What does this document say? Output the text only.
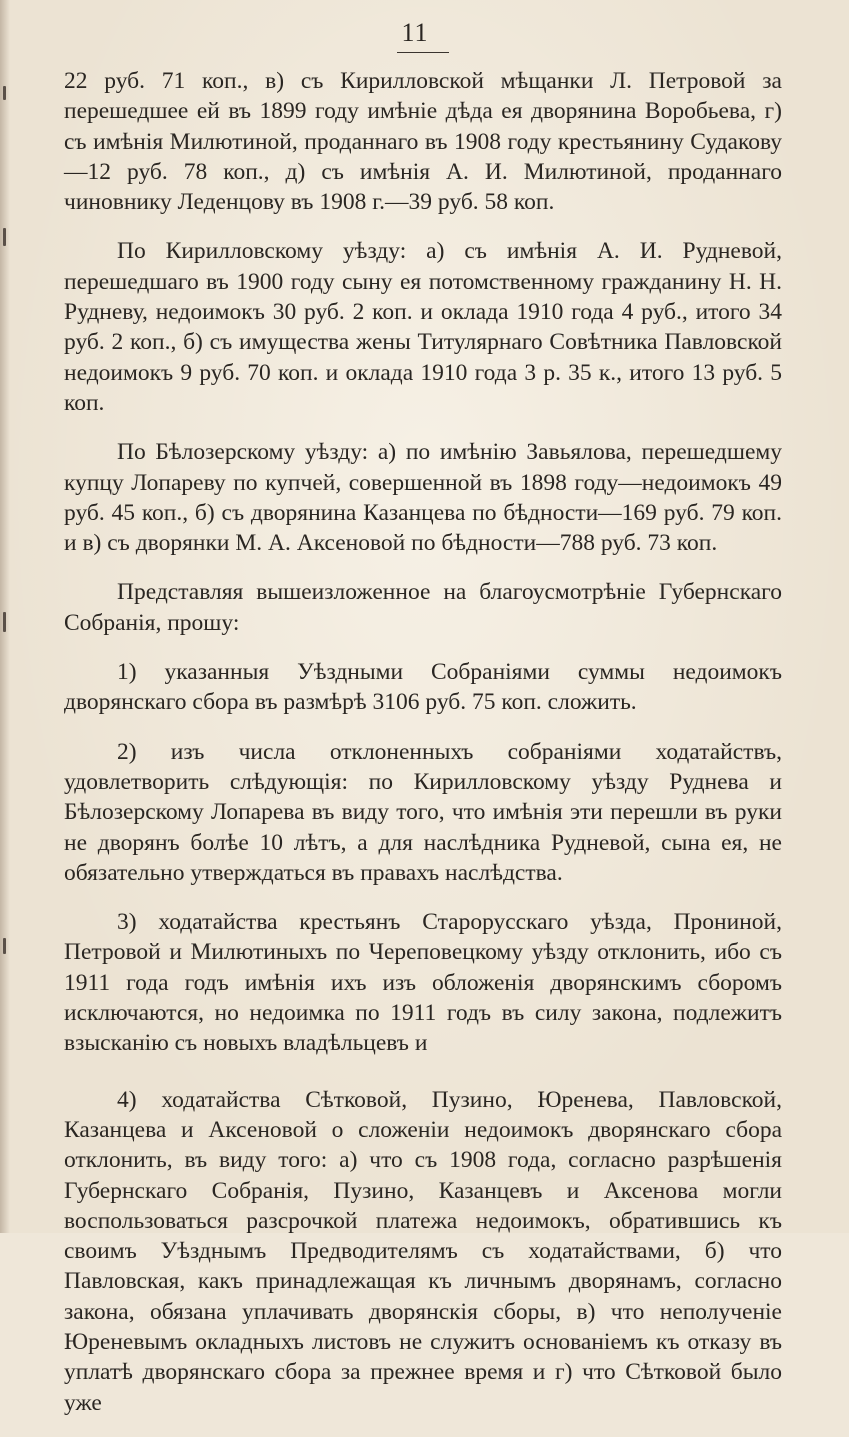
11

22 руб. 71 коп., в) съ Кирилловской мѣщанки Л. Петровой за перешедшее ей въ 1899 году имѣніе дѣда ея дворянина Воробьева, г) съ имѣнія Милютиной, проданнаго въ 1908 году крестьянину Судакову—12 руб. 78 коп., д) съ имѣнія А. И. Милютиной, проданнаго чиновнику Леденцову въ 1908 г.—39 руб. 58 коп.

По Кирилловскому уѣзду: а) съ имѣнія А. И. Рудневой, перешедшаго въ 1900 году сыну ея потомственному гражданину Н. Н. Рудневу, недоимокъ 30 руб. 2 коп. и оклада 1910 года 4 руб., итого 34 руб. 2 коп., б) съ имущества жены Титулярнаго Совѣтника Павловской недоимокъ 9 руб. 70 коп. и оклада 1910 года 3 р. 35 к., итого 13 руб. 5 коп.

По Бѣлозерскому уѣзду: а) по имѣнію Завьялова, перешедшему купцу Лопареву по купчей, совершенной въ 1898 году—недоимокъ 49 руб. 45 коп., б) съ дворянина Казанцева по бѣдности—169 руб. 79 коп. и в) съ дворянки М. А. Аксеновой по бѣдности—788 руб. 73 коп.

Представляя вышеизложенное на благоусмотрѣніе Губернскаго Собранія, прошу:

1) указанныя Уѣздными Собраніями суммы недоимокъ дворянскаго сбора въ размѣрѣ 3106 руб. 75 коп. сложить.

2) изъ числа отклоненныхъ собраніями ходатайствъ, удовлетворить слѣдующія: по Кирилловскому уѣзду Руднева и Бѣлозерскому Лопарева въ виду того, что имѣнія эти перешли въ руки не дворянъ болѣе 10 лѣтъ, а для наслѣдника Рудневой, сына ея, не обязательно утверждаться въ правахъ наслѣдства.

3) ходатайства крестьянъ Старорусскаго уѣзда, Прониной, Петровой и Милютиныхъ по Череповецкому уѣзду отклонить, ибо съ 1911 года годъ имѣнія ихъ изъ обложенія дворянскимъ сборомъ исключаются, но недоимка по 1911 годъ въ силу закона, подлежитъ взысканію съ новыхъ владѣльцевъ и

4) ходатайства Сѣтковой, Пузино, Юренева, Павловской, Казанцева и Аксеновой о сложеніи недоимокъ дворянскаго сбора отклонить, въ виду того: а) что съ 1908 года, согласно разрѣшенія Губернскаго Собранія, Пузино, Казанцевъ и Аксенова могли воспользоваться разсрочкой платежа недоимокъ, обратившись къ своимъ Уѣзднымъ Предводителямъ съ ходатайствами, б) что Павловская, какъ принадлежащая къ личнымъ дворянамъ, согласно закона, обязана уплачивать дворянскія сборы, в) что неполученіе Юреневымъ окладныхъ листовъ не служитъ основаніемъ къ отказу въ уплатѣ дворянскаго сбора за прежнее время и г) что Сѣтковой было уже
